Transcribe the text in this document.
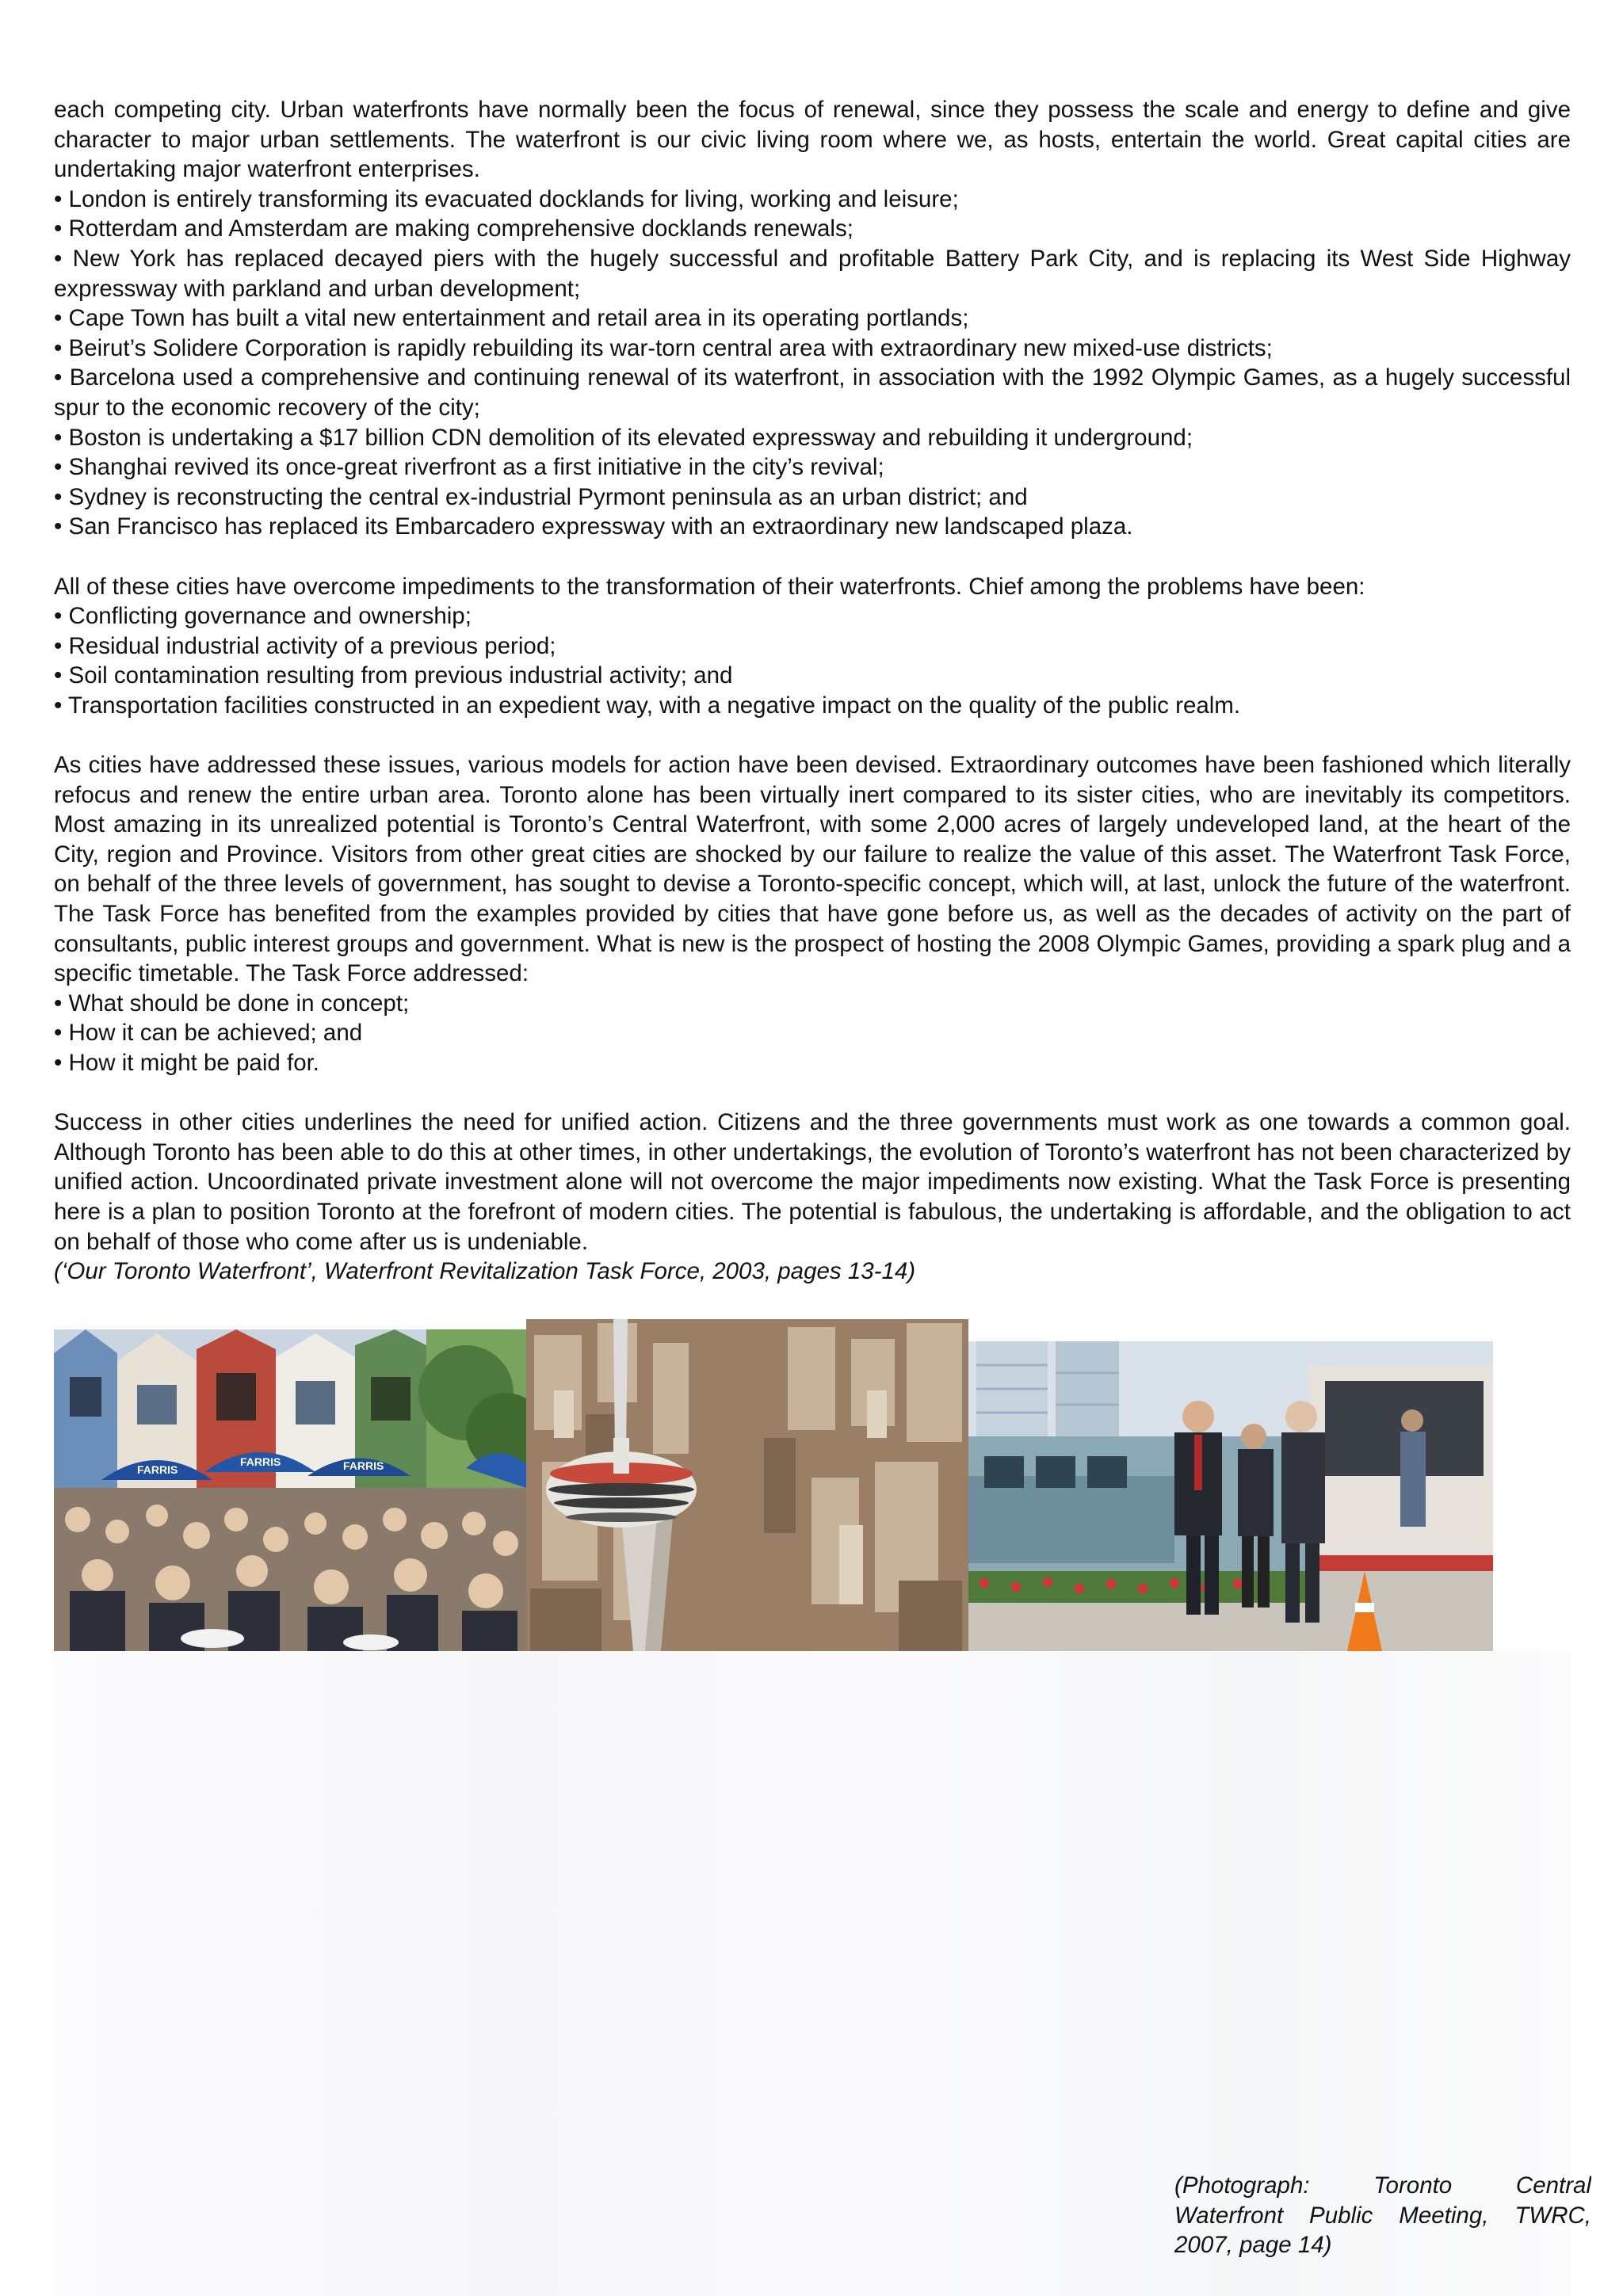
each competing city. Urban waterfronts have normally been the focus of renewal, since they possess the scale and energy to define and give character to major urban settlements. The waterfront is our civic living room where we, as hosts, entertain the world. Great capital cities are undertaking major waterfront enterprises.

• London is entirely transforming its evacuated docklands for living, working and leisure;
• Rotterdam and Amsterdam are making comprehensive docklands renewals;
• New York has replaced decayed piers with the hugely successful and profitable Battery Park City, and is replacing its West Side Highway expressway with parkland and urban development;
• Cape Town has built a vital new entertainment and retail area in its operating portlands;
• Beirut’s Solidere Corporation is rapidly rebuilding its war-torn central area with extraordinary new mixed-use districts;
• Barcelona used a comprehensive and continuing renewal of its waterfront, in association with the 1992 Olympic Games, as a hugely successful spur to the economic recovery of the city;
• Boston is undertaking a $17 billion CDN demolition of its elevated expressway and rebuilding it underground;
• Shanghai revived its once-great riverfront as a first initiative in the city’s revival;
• Sydney is reconstructing the central ex-industrial Pyrmont peninsula as an urban district; and
• San Francisco has replaced its Embarcadero expressway with an extraordinary new landscaped plaza.

All of these cities have overcome impediments to the transformation of their waterfronts. Chief among the problems have been:

• Conflicting governance and ownership;
• Residual industrial activity of a previous period;
• Soil contamination resulting from previous industrial activity; and
• Transportation facilities constructed in an expedient way, with a negative impact on the quality of the public realm.

As cities have addressed these issues, various models for action have been devised. Extraordinary outcomes have been fashioned which literally refocus and renew the entire urban area. Toronto alone has been virtually inert compared to its sister cities, who are inevitably its competitors. Most amazing in its unrealized potential is Toronto’s Central Waterfront, with some 2,000 acres of largely undeveloped land, at the heart of the City, region and Province. Visitors from other great cities are shocked by our failure to realize the value of this asset. The Waterfront Task Force, on behalf of the three levels of government, has sought to devise a Toronto-specific concept, which will, at last, unlock the future of the waterfront. The Task Force has benefited from the examples provided by cities that have gone before us, as well as the decades of activity on the part of consultants, public interest groups and government. What is new is the prospect of hosting the 2008 Olympic Games, providing a spark plug and a specific timetable. The Task Force addressed:

• What should be done in concept;
• How it can be achieved; and
• How it might be paid for.

Success in other cities underlines the need for unified action. Citizens and the three governments must work as one towards a common goal. Although Toronto has been able to do this at other times, in other undertakings, the evolution of Toronto’s waterfront has not been characterized by unified action. Uncoordinated private investment alone will not overcome the major impediments now existing. What the Task Force is presenting here is a plan to position Toronto at the forefront of modern cities. The potential is fabulous, the undertaking is affordable, and the obligation to act on behalf of those who come after us is undeniable.

(‘Our Toronto Waterfront’, Waterfront Revitalization Task Force, 2003, pages 13-14)

FARRIS
FARRIS	FARRIS
(Photograph: Toronto Central Waterfront Public Meeting, TWRC, 2007, page 14)
